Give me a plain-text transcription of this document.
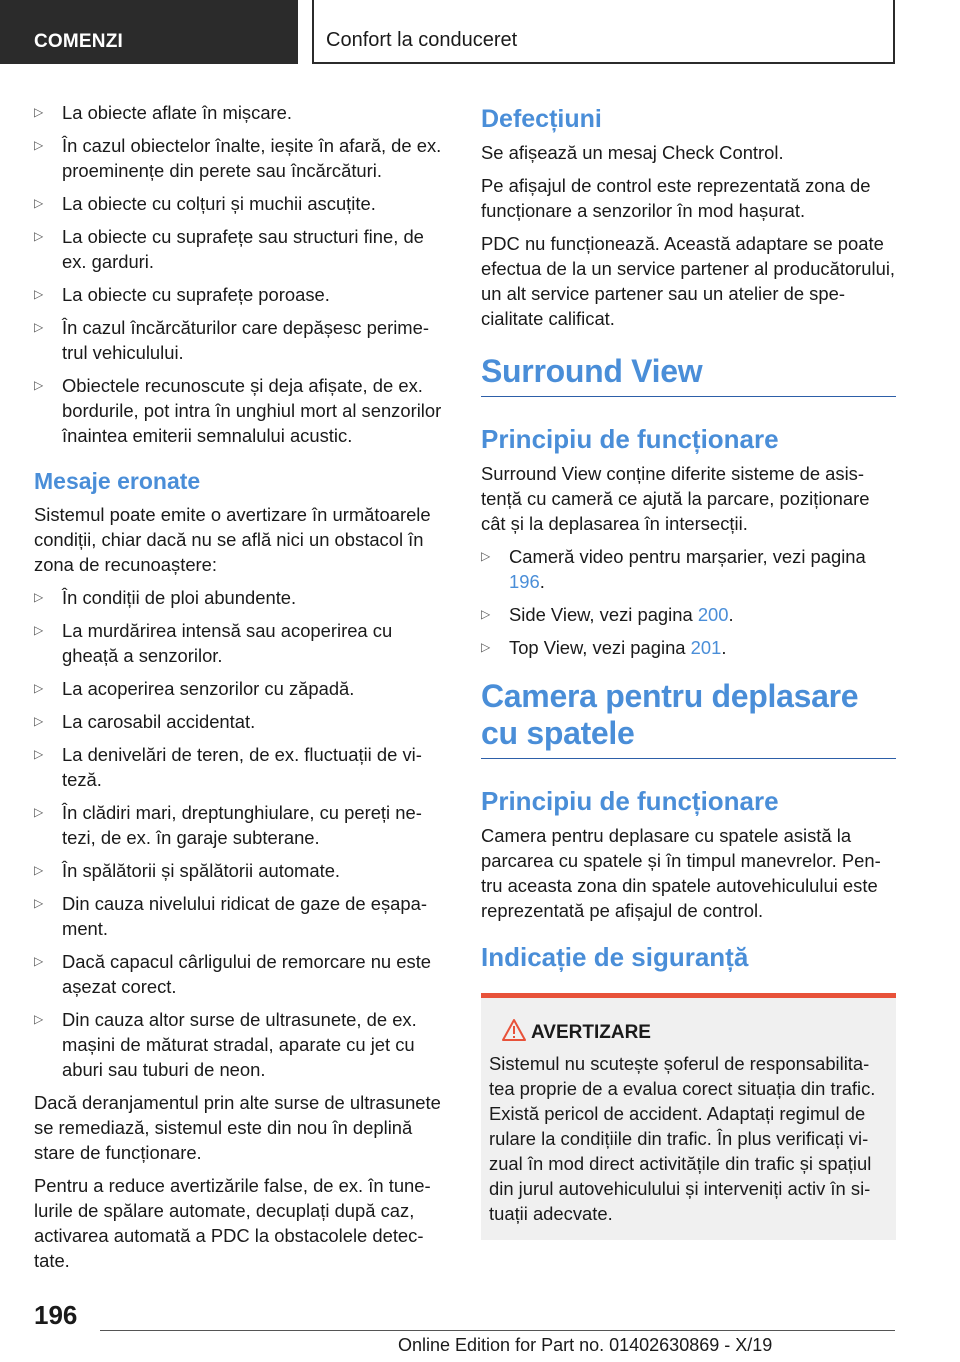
COMENZI	Confort la conduceret
▷ La obiecte aflate în mișcare.
▷ În cazul obiectelor înalte, ieșite în afară, de ex. proeminențe din perete sau încărcături.
▷ La obiecte cu colțuri și muchii ascuțite.
▷ La obiecte cu suprafețe sau structuri fine, de ex. garduri.
▷ La obiecte cu suprafețe poroase.
▷ În cazul încărcăturilor care depășesc perimetrul vehiculului.
▷ Obiectele recunoscute și deja afișate, de ex. bordurile, pot intra în unghiul mort al senzorilor înaintea emiterii semnalului acustic.
Mesaje eronate

Sistemul poate emite o avertizare în următoarele condiții, chiar dacă nu se află nici un obstacol în zona de recunoaștere:

▷ În condiții de ploi abundente.
▷ La murdărirea intensă sau acoperirea cu gheață a senzorilor.
▷ La acoperirea senzorilor cu zăpadă.
▷ La carosabil accidentat.
▷ La denivelări de teren, de ex. fluctuații de viteză.
▷ În clădiri mari, dreptunghiulare, cu pereți netezi, de ex. în garaje subterane.
▷ În spălătorii și spălătorii automate.
▷ Din cauza nivelului ridicat de gaze de eșapament.
▷ Dacă capacul cârligului de remorcare nu este așezat corect.
▷ Din cauza altor surse de ultrasunete, de ex. mașini de măturat stradal, aparate cu jet cu aburi sau tuburi de neon.

Dacă deranjamentul prin alte surse de ultrasunete se remediază, sistemul este din nou în deplină stare de funcționare.

Pentru a reduce avertizările false, de ex. în tunelurile de spălare automate, decuplați după caz, activarea automată a PDC la obstacolele detectate.

Defecțiuni

Se afișează un mesaj Check Control.

Pe afișajul de control este reprezentată zona de funcționare a senzorilor în mod hașurat.

PDC nu funcționează. Această adaptare se poate efectua de la un service partener al producătorului, un alt service partener sau un atelier de specialitate calificat.

Surround View
Principiu de funcționare

Surround View conține diferite sisteme de asistență cu cameră ce ajută la parcare, poziționare cât și la deplasarea în intersecții.

▷ Cameră video pentru marșarier, vezi pagina 196.
▷ Side View, vezi pagina 200.
▷ Top View, vezi pagina 201.
Camera pentru deplasare cu spatele
Principiu de funcționare

Camera pentru deplasare cu spatele asistă la parcarea cu spatele și în timpul manevrelor. Pentru aceasta zona din spatele autovehiculului este reprezentată pe afișajul de control.

Indicație de siguranță
AVERTIZARE

Sistemul nu scutește șoferul de responsabilitatea proprie de a evalua corect situația din trafic. Există pericol de accident. Adaptați regimul de rulare la condițiile din trafic. În plus verificați vizual în mod direct activitățile din trafic și spațiul din jurul autovehiculului și interveniți activ în situații adecvate.

196
Online Edition for Part no. 01402630869 - X/19
